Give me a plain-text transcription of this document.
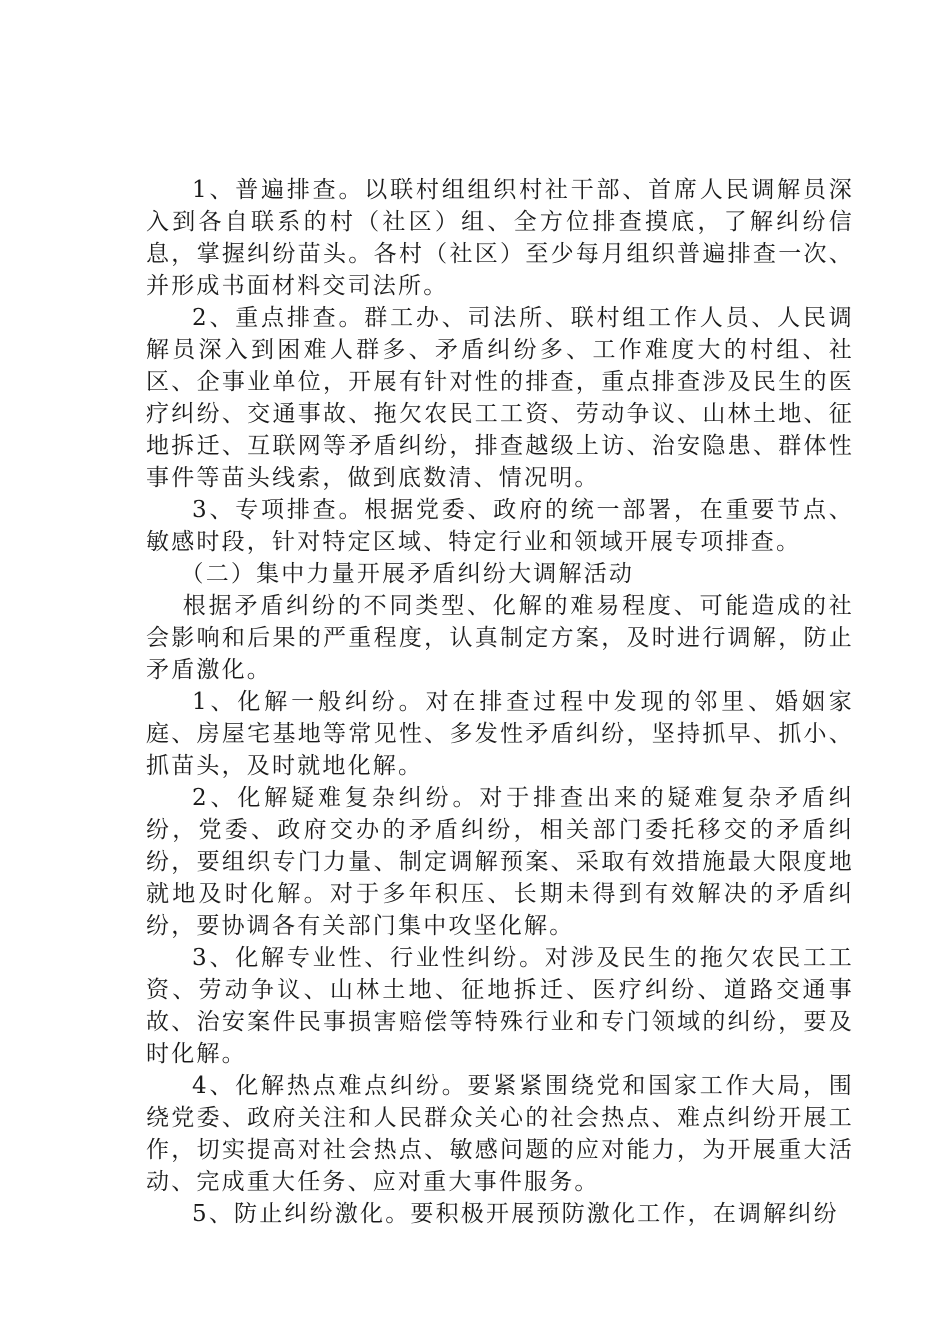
1、普遍排查。以联村组组织村社干部、首席人民调解员深入到各自联系的村（社区）组、全方位排查摸底，了解纠纷信息，掌握纠纷苗头。各村（社区）至少每月组织普遍排查一次、并形成书面材料交司法所。

2、重点排查。群工办、司法所、联村组工作人员、人民调解员深入到困难人群多、矛盾纠纷多、工作难度大的村组、社区、企事业单位，开展有针对性的排查，重点排查涉及民生的医疗纠纷、交通事故、拖欠农民工工资、劳动争议、山林土地、征地拆迁、互联网等矛盾纠纷，排查越级上访、治安隐患、群体性事件等苗头线索，做到底数清、情况明。

3、专项排查。根据党委、政府的统一部署，在重要节点、敏感时段，针对特定区域、特定行业和领域开展专项排查。

（二）集中力量开展矛盾纠纷大调解活动

根据矛盾纠纷的不同类型、化解的难易程度、可能造成的社会影响和后果的严重程度，认真制定方案，及时进行调解，防止矛盾激化。

1、化解一般纠纷。对在排查过程中发现的邻里、婚姻家庭、房屋宅基地等常见性、多发性矛盾纠纷，坚持抓早、抓小、抓苗头，及时就地化解。

2、化解疑难复杂纠纷。对于排查出来的疑难复杂矛盾纠纷，党委、政府交办的矛盾纠纷，相关部门委托移交的矛盾纠纷，要组织专门力量、制定调解预案、采取有效措施最大限度地就地及时化解。对于多年积压、长期未得到有效解决的矛盾纠纷，要协调各有关部门集中攻坚化解。

3、化解专业性、行业性纠纷。对涉及民生的拖欠农民工工资、劳动争议、山林土地、征地拆迁、医疗纠纷、道路交通事故、治安案件民事损害赔偿等特殊行业和专门领域的纠纷，要及时化解。

4、化解热点难点纠纷。要紧紧围绕党和国家工作大局，围绕党委、政府关注和人民群众关心的社会热点、难点纠纷开展工作，切实提高对社会热点、敏感问题的应对能力，为开展重大活动、完成重大任务、应对重大事件服务。

5、防止纠纷激化。要积极开展预防激化工作，在调解纠纷
